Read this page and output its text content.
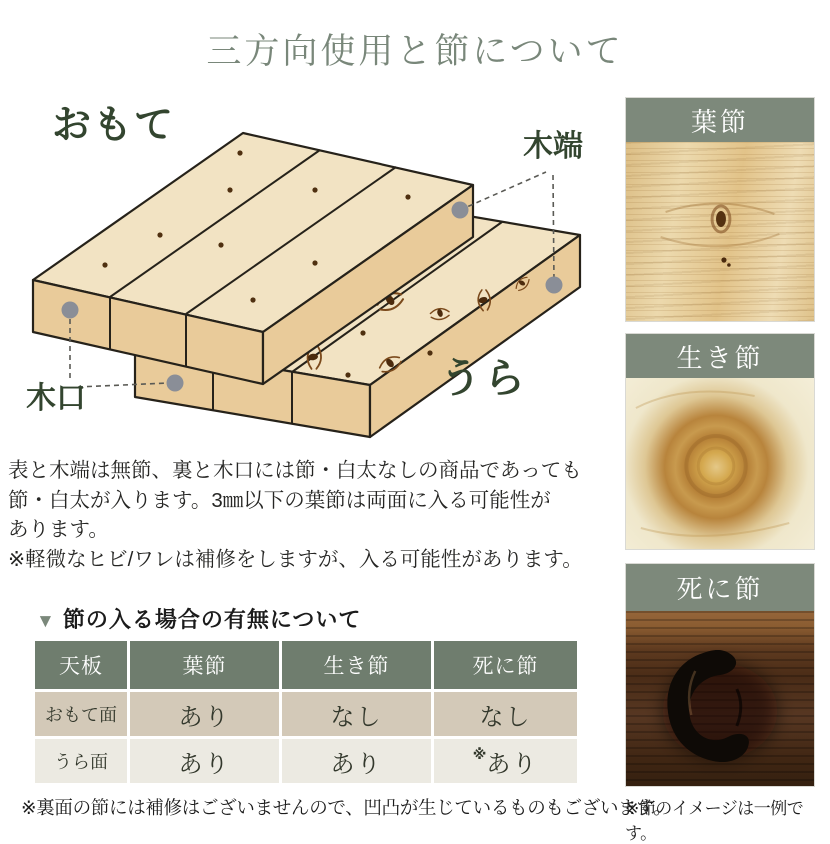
三方向使用と節について
おもて	木端
木口	うら
表と木端は無節、裏と木口には節・白太なしの商品であっても
節・白太が入ります。3㎜以下の葉節は両面に入る可能性が
あります。
※軽微なヒビ/ワレは補修をしますが、入る可能性があります。
▼ 節の入る場合の有無について
天板	葉節	生き節	死に節
おもて面	あり	なし	なし
うら面	あり	あり	※ あり
※裏面の節には補修はございませんので、凹凸が生じているものもございます。
葉節
生き節
死に節
※節のイメージは一例です。
